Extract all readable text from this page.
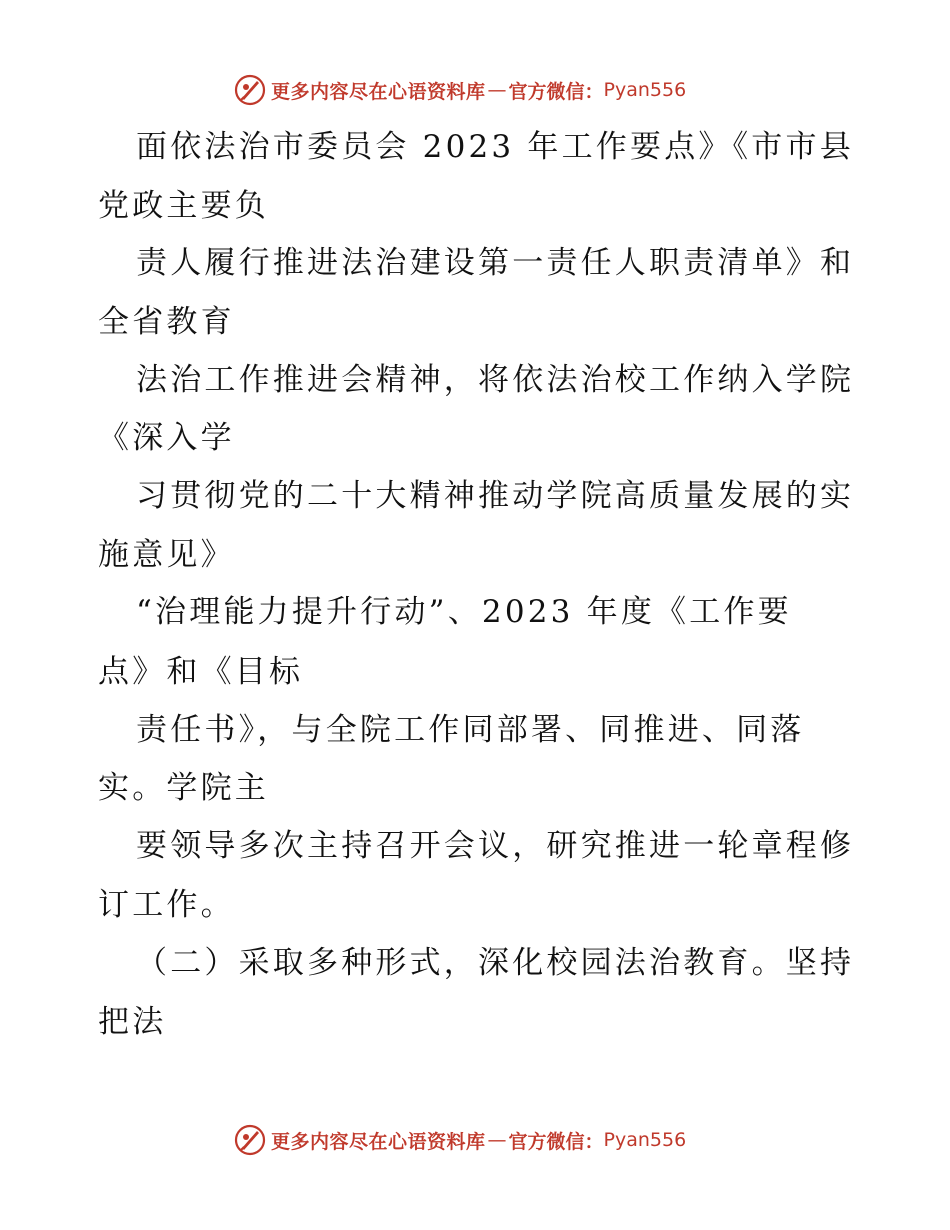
更多内容尽在心语资料库 — 官方微信： Pyan556
面依法治市委员会 2023 年工作要点》《市市县
党政主要负
责人履行推进法治建设第一责任人职责清单》和
全省教育
法治工作推进会精神，将依法治校工作纳入学院
《深入学
习贯彻党的二十大精神推动学院高质量发展的实
施意见》
“治理能力提升行动”、2023 年度《工作要
点》和《目标
责任书》，与全院工作同部署、同推进、同落
实。学院主
要领导多次主持召开会议，研究推进一轮章程修
订工作。
（二）采取多种形式，深化校园法治教育。坚持
把法
更多内容尽在心语资料库 — 官方微信： Pyan556
